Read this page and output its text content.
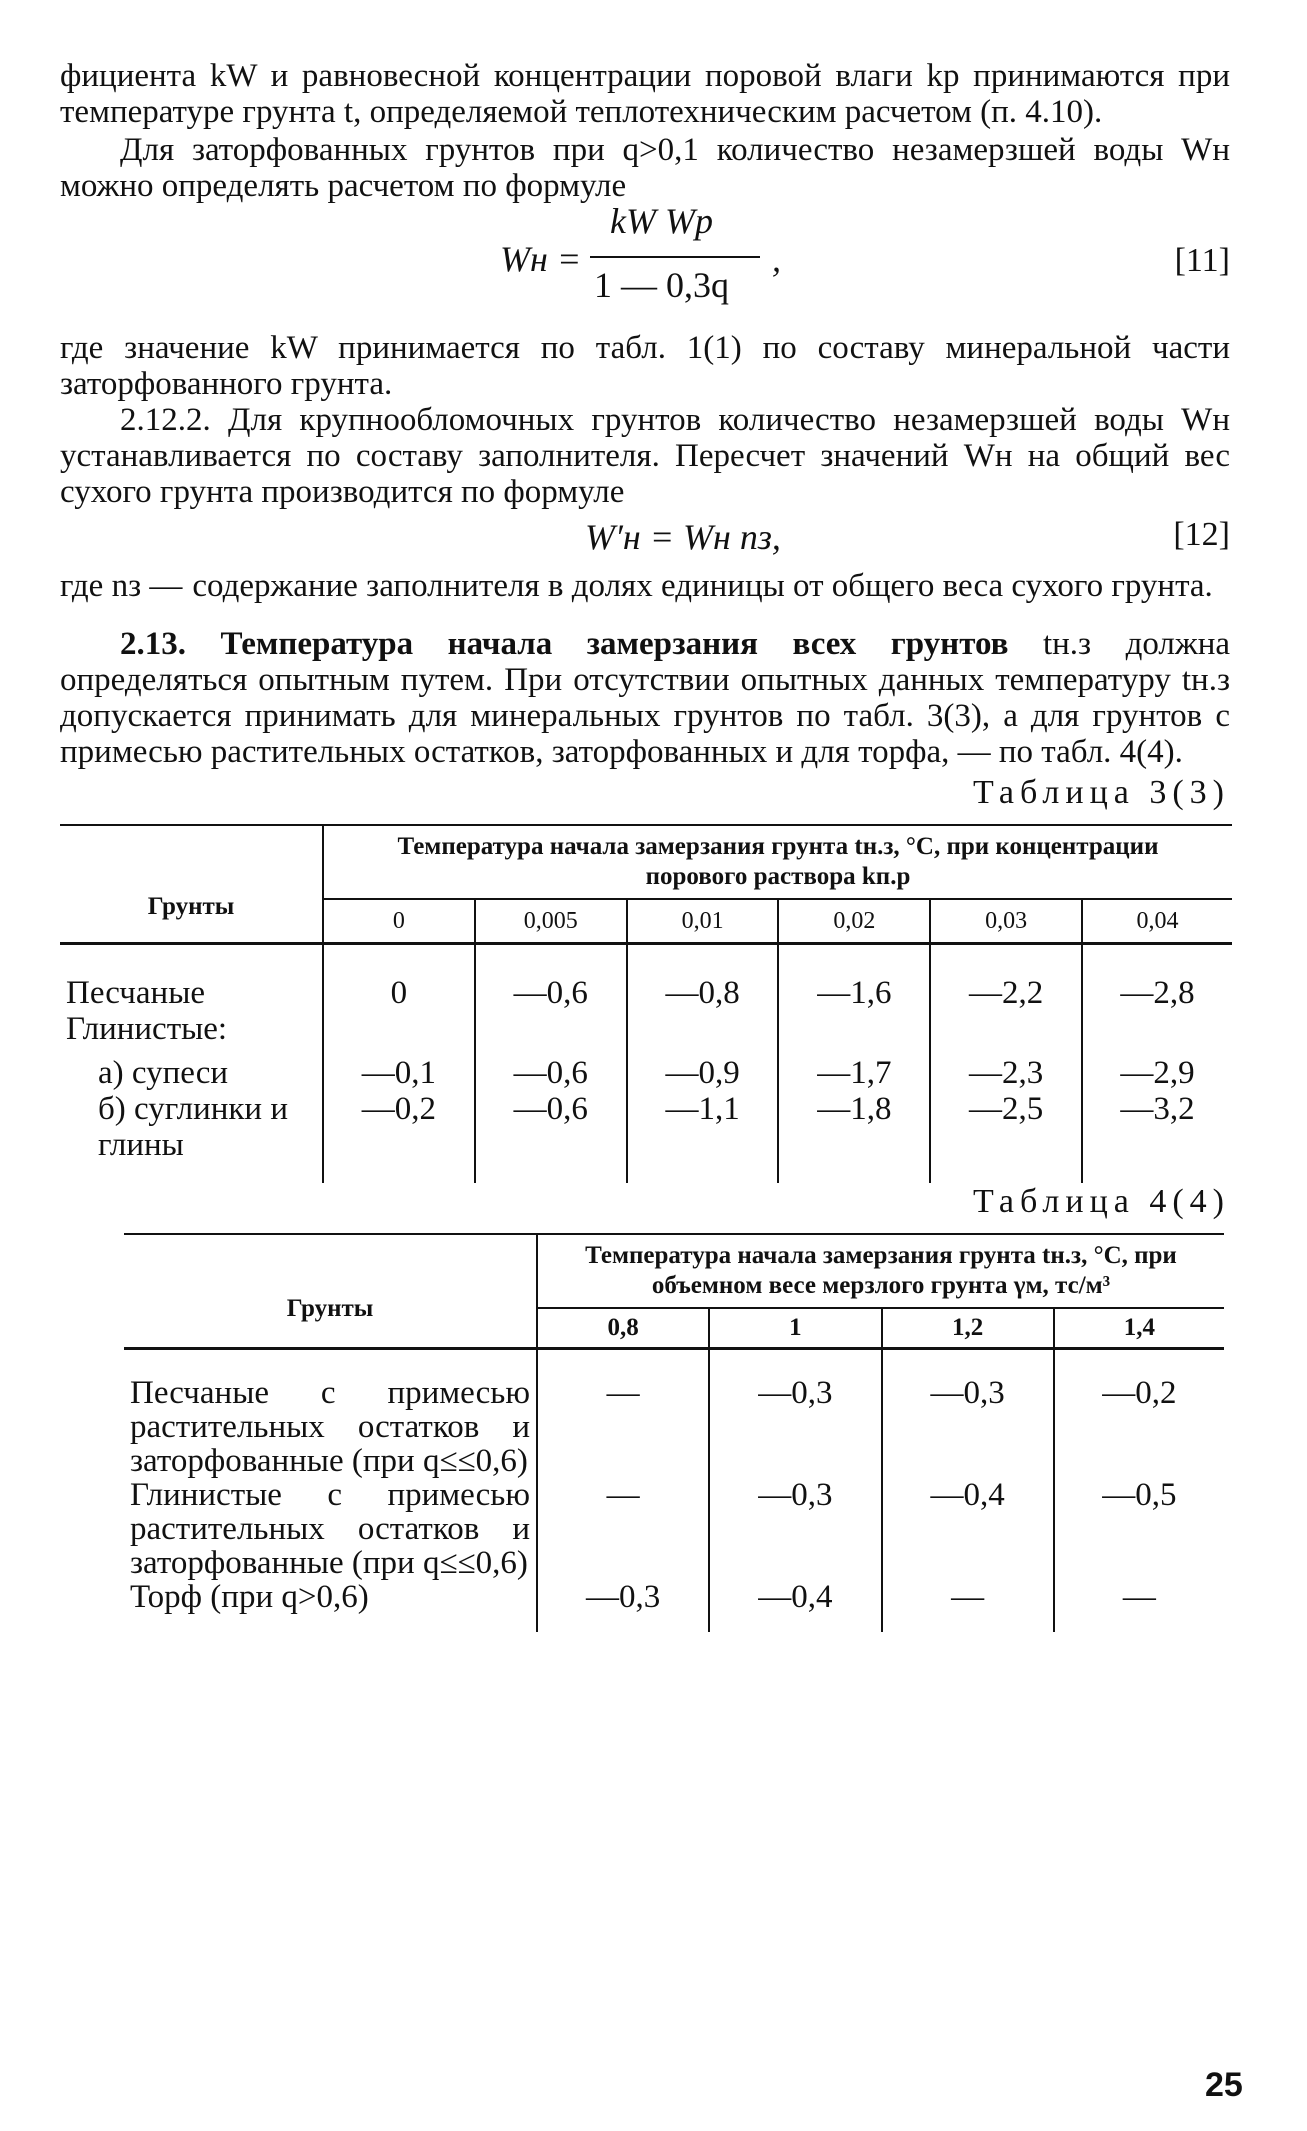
фициента kW и равновесной концентрации поровой влаги kр принимаются при температуре грунта t, определяемой теплотехническим расчетом (п. 4.10).

Для заторфованных грунтов при q>0,1 количество незамерзшей воды Wн можно определять расчетом по формуле

Wн =
kW Wр
1 — 0,3q
,	[11]

где значение kW принимается по табл. 1(1) по составу минеральной части заторфованного грунта.

2.12.2. Для крупнообломочных грунтов количество незамерзшей воды Wн устанавливается по составу заполнителя. Пересчет значений Wн на общий вес сухого грунта производится по формуле

W′н = Wн nз,	[12]
где nз — содержание заполнителя в долях единицы от общего веса сухого грунта.

2.13. Температура начала замерзания всех грунтов tн.з должна определяться опытным путем. При отсутствии опытных данных температуру tн.з допускается принимать для минеральных грунтов по табл. 3(3), а для грунтов с примесью растительных остатков, заторфованных и для торфа, — по табл. 4(4).

Таблица 3(3)
Грунты	Температура начала замерзания грунта tн.з, °С, при концентрации порового раствора kп.р					
	0	0,005	0,01	0,02	0,03	0,04
Песчаные	0	—0,6	—0,8	—1,6	—2,2	—2,8
Глинистые:						
а) супеси	—0,1	—0,6	—0,9	—1,7	—2,3	—2,9
б) суглинки и глины	—0,2	—0,6	—1,1	—1,8	—2,5	—3,2
Таблица 4(4)
Грунты	Температура начала замерзания грунта tн.з, °С, при объемном весе мерзлого грунта γм, тс/м³			
	0,8	1	1,2	1,4
Песчаные с примесью растительных остатков и заторфованные (при q≤≤0,6)	—	—0,3	—0,3	—0,2
Глинистые с примесью растительных остатков и заторфованные (при q≤≤0,6)	—	—0,3	—0,4	—0,5
Торф (при q>0,6)	—0,3	—0,4	—	—
25
